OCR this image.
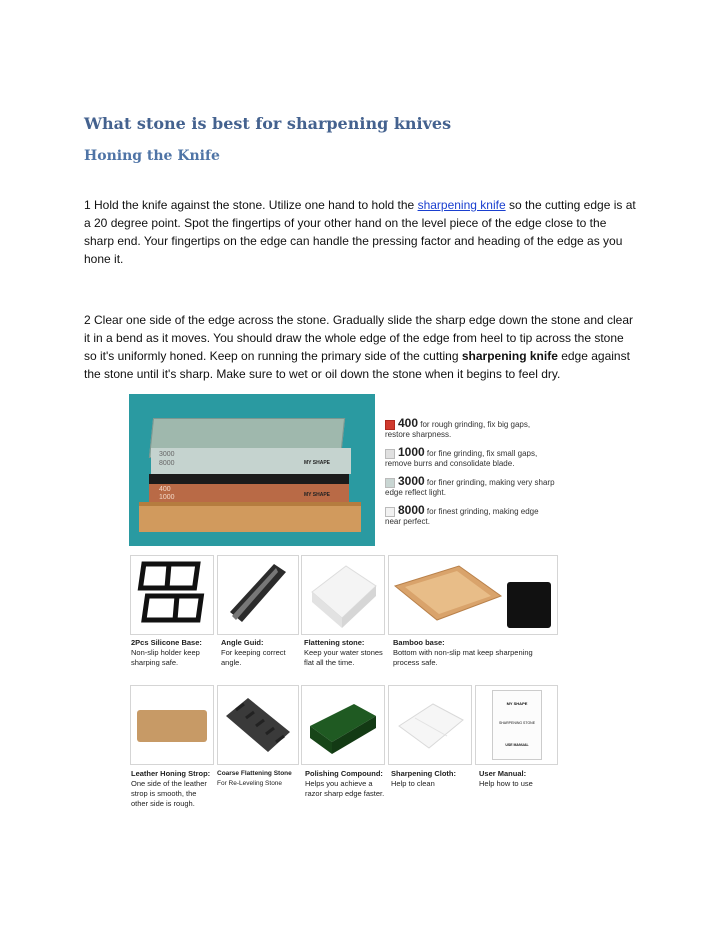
What stone is best for sharpening knives
Honing the Knife

1 Hold the knife against the stone. Utilize one hand to hold the sharpening knife so the cutting edge is at a 20 degree point. Spot the fingertips of your other hand on the level piece of the edge close to the sharp end. Your fingertips on the edge can handle the pressing factor and heading of the edge as you hone it.

2 Clear one side of the edge across the stone. Gradually slide the sharp edge down the stone and clear it in a bend as it moves. You should draw the whole edge of the edge from heel to tip across the stone so it's uniformly honed. Keep on running the primary side of the cutting sharpening knife edge against the stone until it's sharp. Make sure to wet or oil down the stone when it begins to feel dry.

3000
8000
400
1000
MY SHAPE
MY SHAPE
400 for rough grinding, fix big gaps, restore sharpness.
1000 for fine grinding, fix small gaps, remove burrs and consolidate blade.
3000 for finer grinding, making very sharp edge reflect light.
8000 for finest grinding, making edge near perfect.
2Pcs Silicone Base:
Non-slip holder keep sharping safe.
Angle Guid:
For keeping correct angle.
Flattening stone:
Keep your water stones flat all the time.
Bamboo base:
Bottom with non-slip mat keep sharpening process safe.
MY SHAPE
SHARPENING STONE
USE MANUAL
Leather Honing Strop:
One side of the leather strop is smooth, the other side is rough.
Coarse Flattening Stone
For Re-Leveling Stone
Polishing Compound:
Helps you achieve a razor sharp edge faster.
Sharpening Cloth:
Help to clean
User Manual:
Help how to use
